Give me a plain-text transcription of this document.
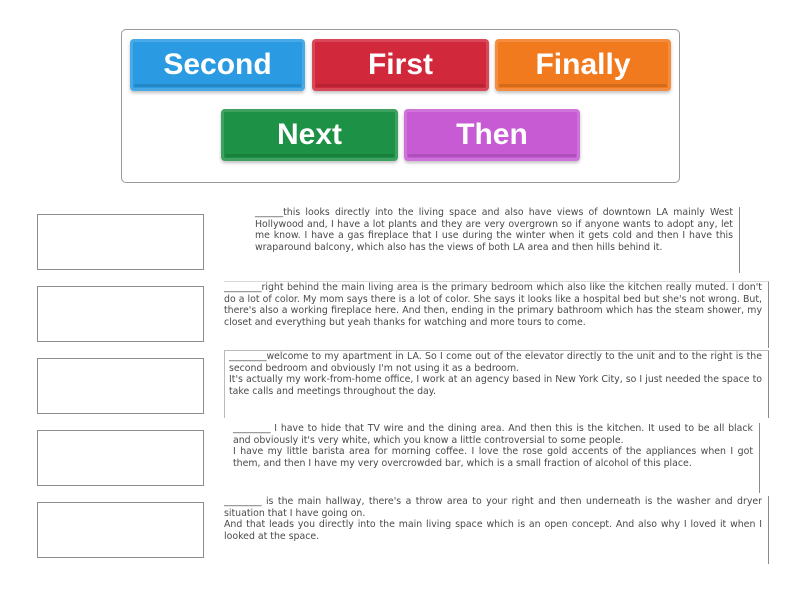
Second	First	Finally
Next	Then

______this looks directly into the living space and also have views of downtown LA mainly West Hollywood and, I have a lot plants and they are very overgrown so if anyone wants to adopt any, let me know. I have a gas fireplace that I use during the winter when it gets cold and then I have this wraparound balcony, which also has the views of both LA area and then hills behind it.

________right behind the main living area is the primary bedroom which also like the kitchen really muted. I don't do a lot of color. My mom says there is a lot of color. She says it looks like a hospital bed but she's not wrong. But, there's also a working fireplace here. And then, ending in the primary bathroom which has the steam shower, my closet and everything but yeah thanks for watching and more tours to come.

________welcome to my apartment in LA. So I come out of the elevator directly to the unit and to the right is the second bedroom and obviously I'm not using it as a bedroom.

It's actually my work-from-home office, I work at an agency based in New York City, so I just needed the space to take calls and meetings throughout the day.

________ I have to hide that TV wire and the dining area. And then this is the kitchen. It used to be all black and obviously it's very white, which you know a little controversial to some people.

I have my little barista area for morning coffee. I love the rose gold accents of the appliances when I got them, and then I have my very overcrowded bar, which is a small fraction of alcohol of this place.

________ is the main hallway, there's a throw area to your right and then underneath is the washer and dryer situation that I have going on.

And that leads you directly into the main living space which is an open concept. And also why I loved it when I looked at the space.
